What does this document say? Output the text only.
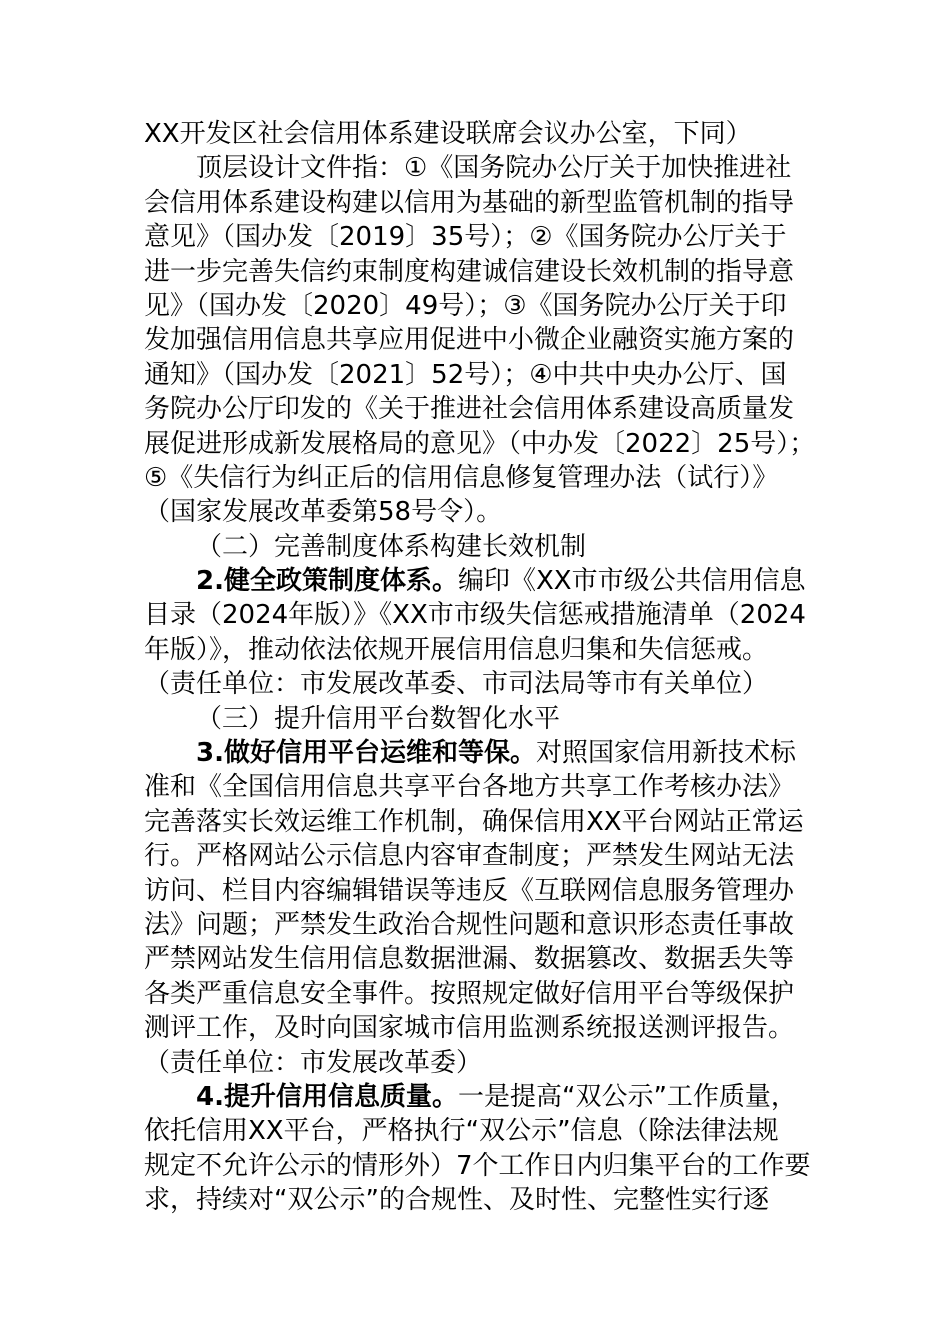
XX开发区社会信用体系建设联席会议办公室，下同）
顶层设计文件指：①《国务院办公厅关于加快推进社
会信用体系建设构建以信用为基础的新型监管机制的指导
意见》（国办发〔2019〕35号）；②《国务院办公厅关于
进一步完善失信约束制度构建诚信建设长效机制的指导意
见》（国办发〔2020〕49号）；③《国务院办公厅关于印
发加强信用信息共享应用促进中小微企业融资实施方案的
通知》（国办发〔2021〕52号）；④中共中央办公厅、国
务院办公厅印发的《关于推进社会信用体系建设高质量发
展促进形成新发展格局的意见》（中办发〔2022〕25号）；
⑤《失信行为纠正后的信用信息修复管理办法（试行）》
（国家发展改革委第58号令）。
（二）完善制度体系构建长效机制
2.健全政策制度体系。编印《XX市市级公共信用信息
目录（2024年版）》《XX市市级失信惩戒措施清单（2024
年版）》，推动依法依规开展信用信息归集和失信惩戒。
（责任单位：市发展改革委、市司法局等市有关单位）
（三）提升信用平台数智化水平
3.做好信用平台运维和等保。对照国家信用新技术标
准和《全国信用信息共享平台各地方共享工作考核办法》
完善落实长效运维工作机制，确保信用XX平台网站正常运
行。严格网站公示信息内容审查制度；严禁发生网站无法
访问、栏目内容编辑错误等违反《互联网信息服务管理办
法》问题；严禁发生政治合规性问题和意识形态责任事故
严禁网站发生信用信息数据泄漏、数据篡改、数据丢失等
各类严重信息安全事件。按照规定做好信用平台等级保护
测评工作，及时向国家城市信用监测系统报送测评报告。
（责任单位：市发展改革委）
4.提升信用信息质量。一是提高“双公示”工作质量，
依托信用XX平台，严格执行“双公示”信息（除法律法规
规定不允许公示的情形外）7个工作日内归集平台的工作要
求，持续对“双公示”的合规性、及时性、完整性实行逐
